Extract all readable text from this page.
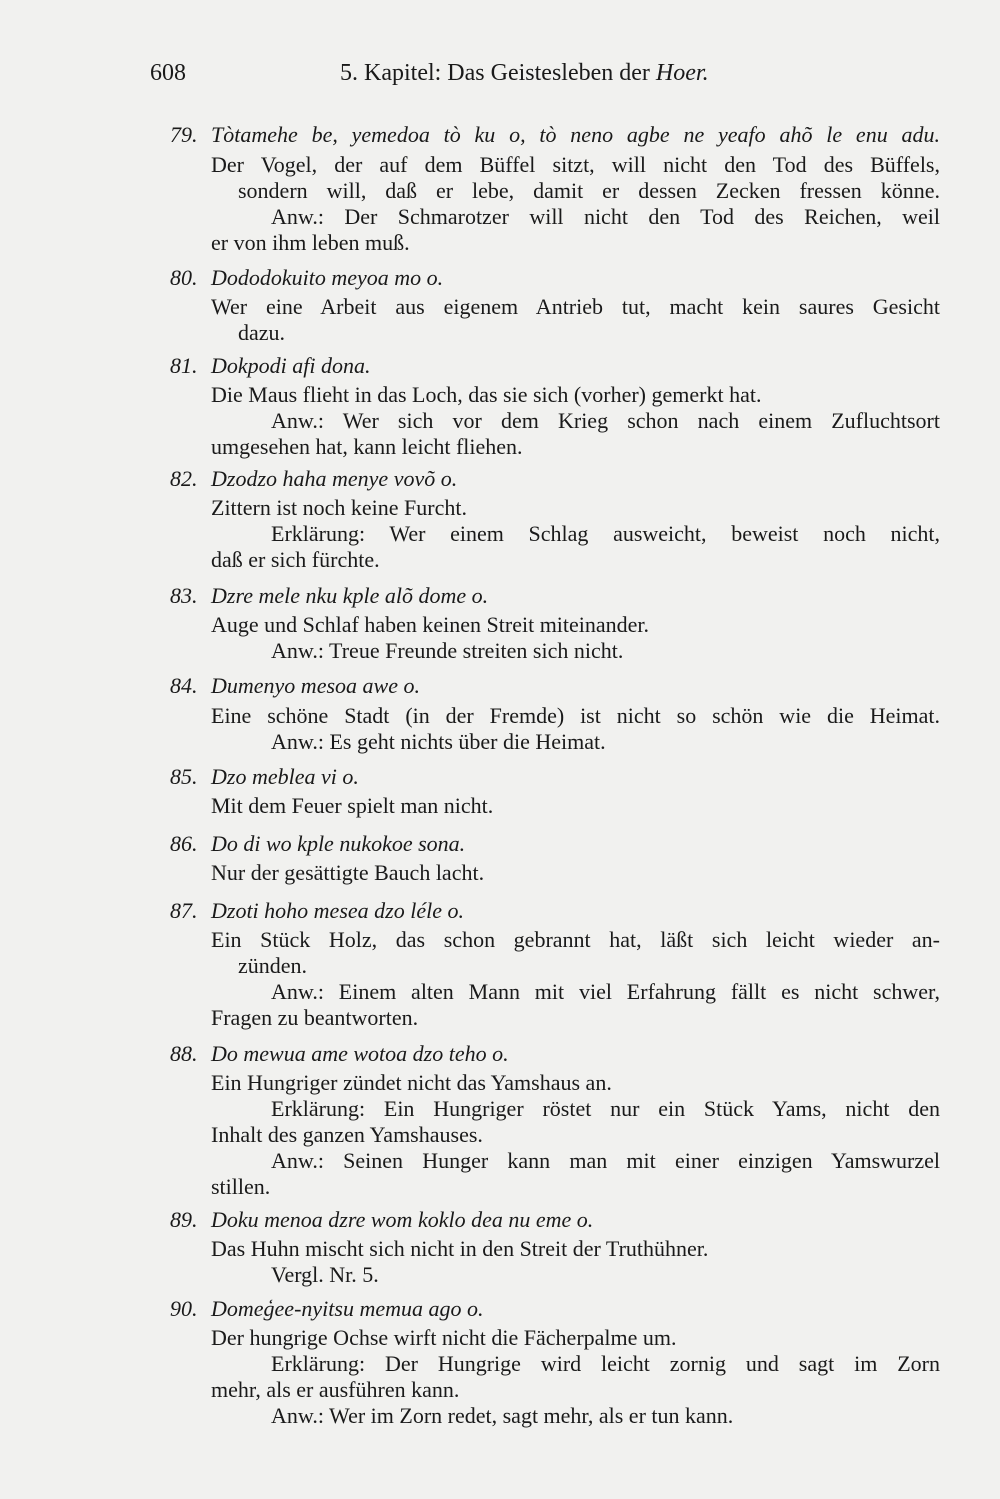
608	5. Kapitel: Das Geistesleben der Hoer.
79. Tòtamehe be, yemedoa tò ku o, tò neno agbe ne yeafo ahõ le enu adu.
Der Vogel, der auf dem Büffel sitzt, will nicht den Tod des Büffels,
sondern will, daß er lebe, damit er dessen Zecken fressen könne.
Anw.: Der Schmarotzer will nicht den Tod des Reichen, weil
er von ihm leben muß.
80. Dododokuito meyoa mo o.
Wer eine Arbeit aus eigenem Antrieb tut, macht kein saures Gesicht
dazu.
81. Dokpodi afi dona.
Die Maus flieht in das Loch, das sie sich (vorher) gemerkt hat.
Anw.: Wer sich vor dem Krieg schon nach einem Zufluchtsort
umgesehen hat, kann leicht fliehen.
82. Dzodzo haha menye vovõ o.
Zittern ist noch keine Furcht.
Erklärung: Wer einem Schlag ausweicht, beweist noch nicht,
daß er sich fürchte.
83. Dzre mele nku kple alõ dome o.
Auge und Schlaf haben keinen Streit miteinander.
Anw.: Treue Freunde streiten sich nicht.
84. Dumenyo mesoa awe o.
Eine schöne Stadt (in der Fremde) ist nicht so schön wie die Heimat.
Anw.: Es geht nichts über die Heimat.
85. Dzo meblea vi o.
Mit dem Feuer spielt man nicht.
86. Do di wo kple nukokoe sona.
Nur der gesättigte Bauch lacht.
87. Dzoti hoho mesea dzo léle o.
Ein Stück Holz, das schon gebrannt hat, läßt sich leicht wieder an-
zünden.
Anw.: Einem alten Mann mit viel Erfahrung fällt es nicht schwer,
Fragen zu beantworten.
88. Do mewua ame wotoa dzo teho o.
Ein Hungriger zündet nicht das Yamshaus an.
Erklärung: Ein Hungriger röstet nur ein Stück Yams, nicht den
Inhalt des ganzen Yamshauses.
Anw.: Seinen Hunger kann man mit einer einzigen Yamswurzel
stillen.
89. Doku menoa dzre wom koklo dea nu eme o.
Das Huhn mischt sich nicht in den Streit der Truthühner.
Vergl. Nr. 5.
90. Domeģee-nyitsu memua ago o.
Der hungrige Ochse wirft nicht die Fächerpalme um.
Erklärung: Der Hungrige wird leicht zornig und sagt im Zorn
mehr, als er ausführen kann.
Anw.: Wer im Zorn redet, sagt mehr, als er tun kann.
